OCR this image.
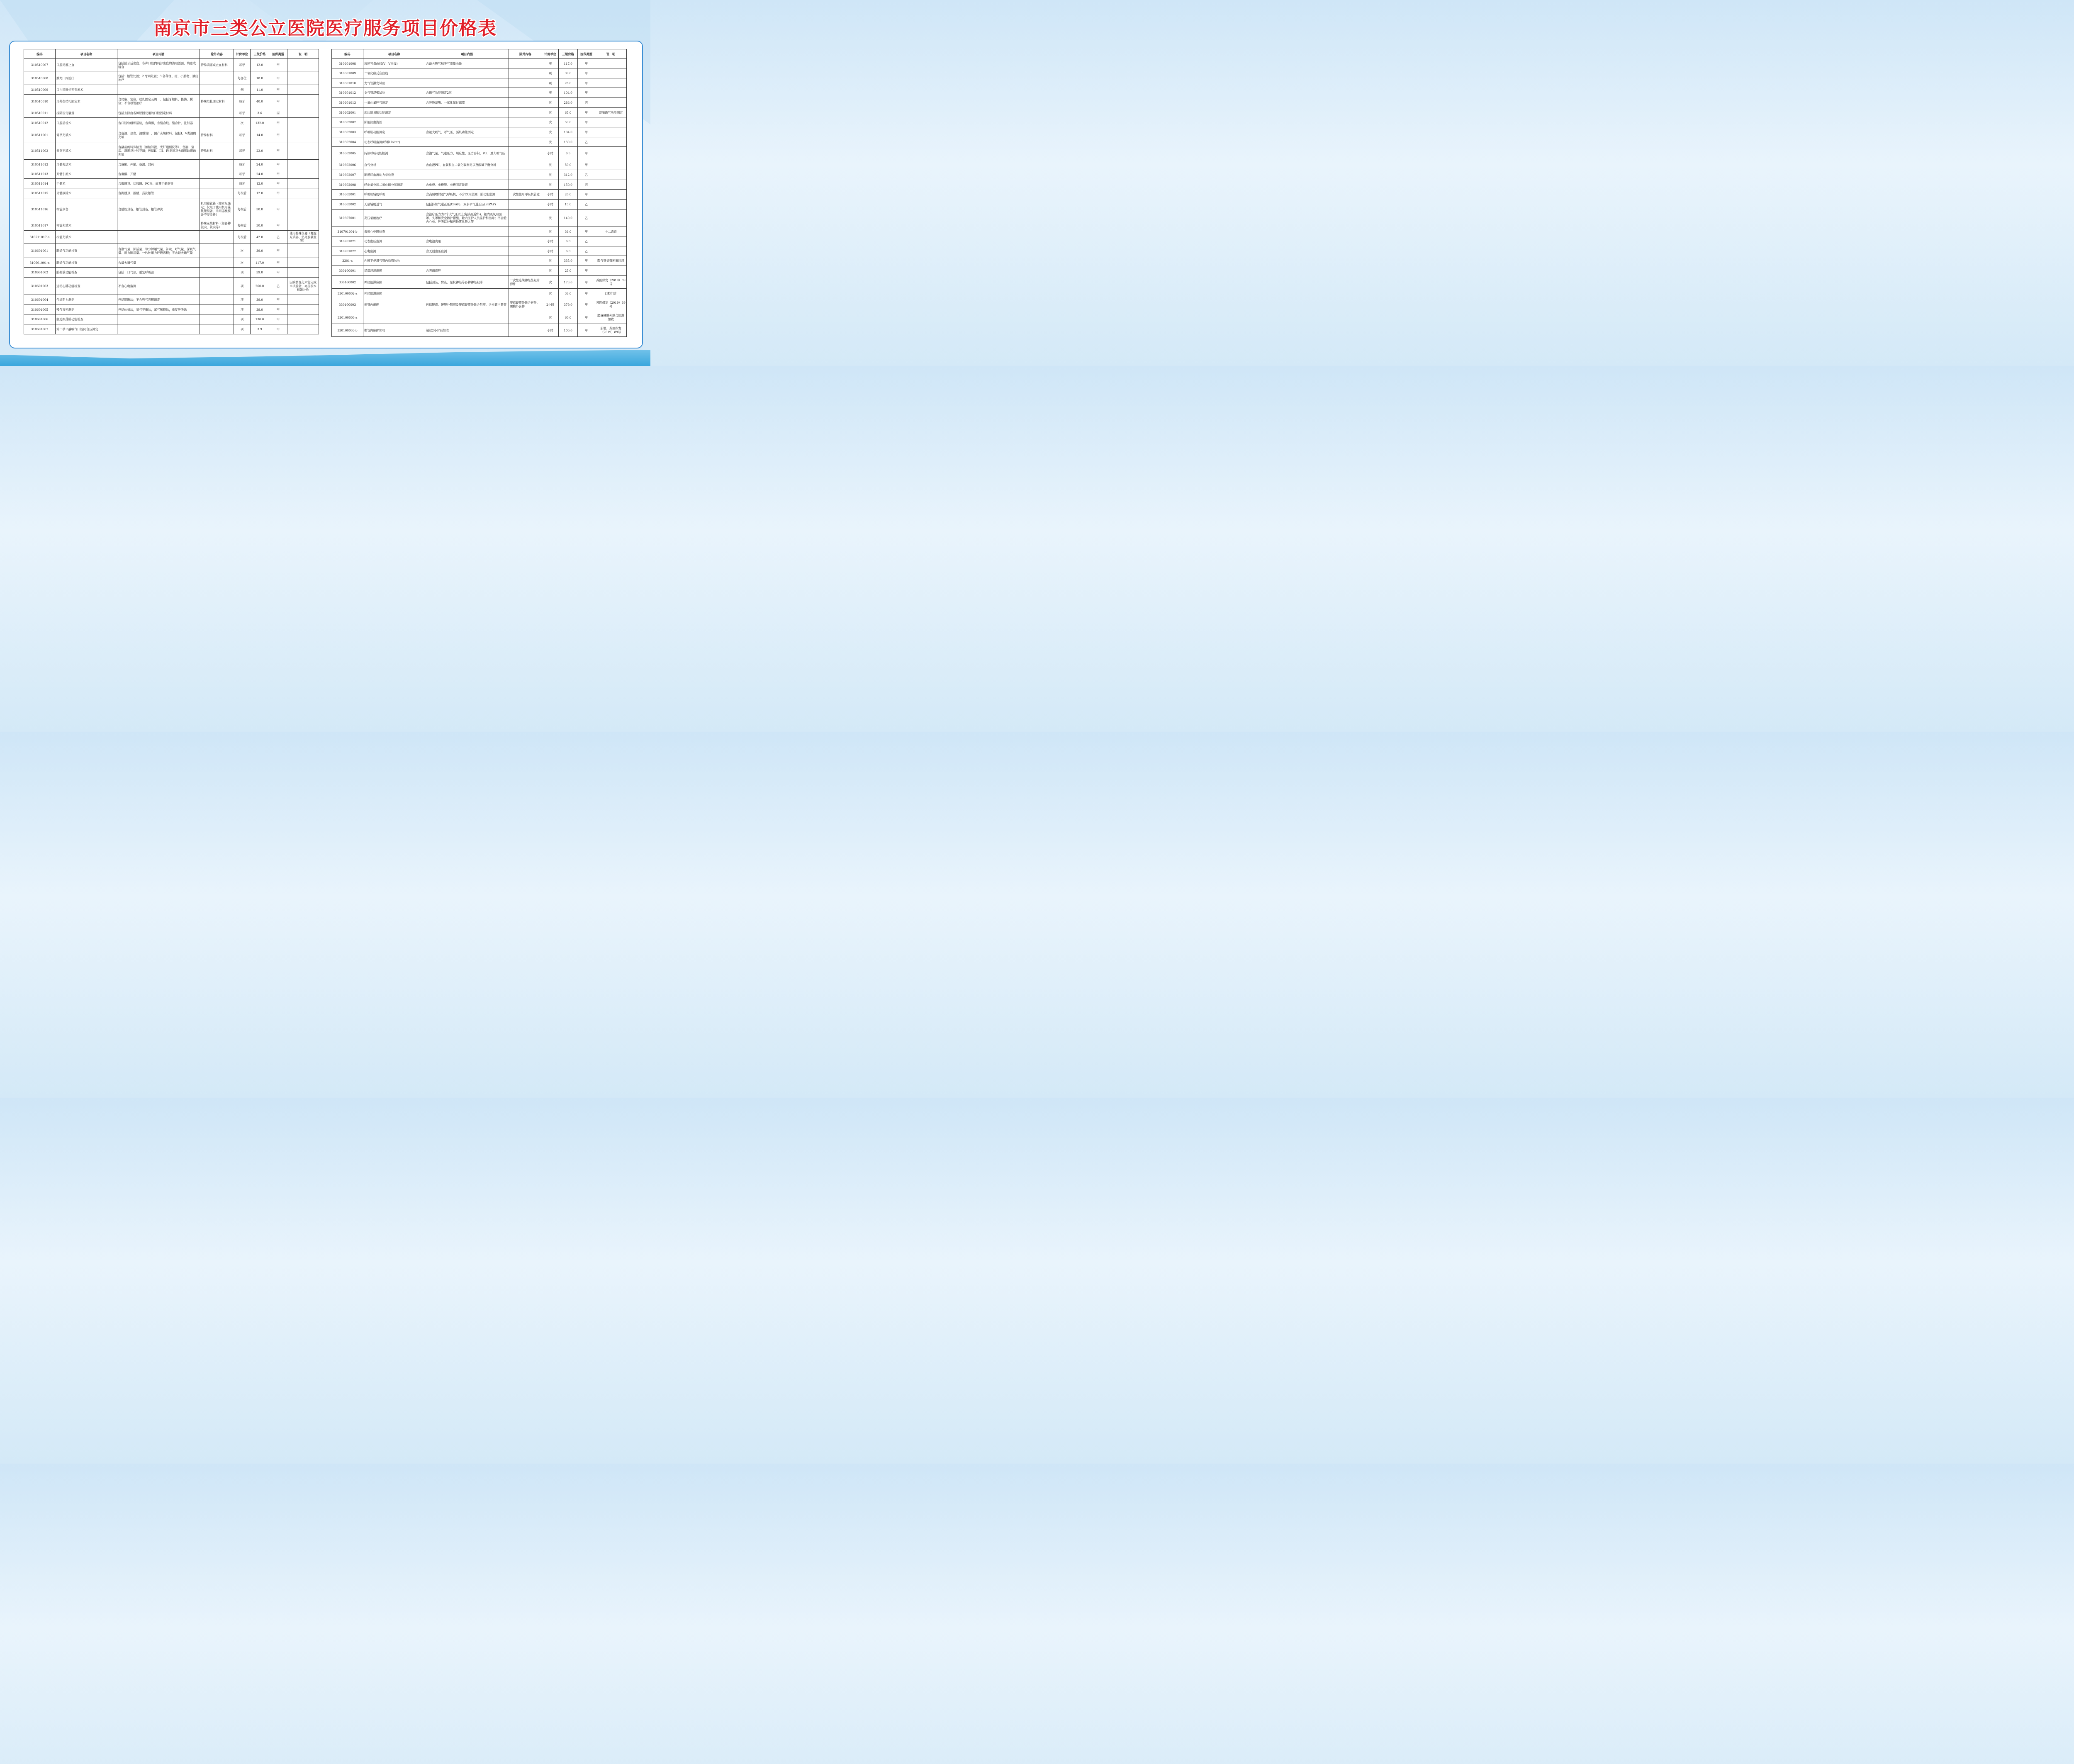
南京市三类公立医院医疗服务项目价格表
编码	项目名称	项目内涵	除外内容	计价单位	三级价格	医保类型	说　明
310510007	口腔局部止血	包括拔牙后出血、各种口腔内局部出血的清理创面、填塞或缝合	特殊填塞或止血材料	每牙	12.0	甲	
310510008	激光口内治疗	包括1.根管处置；2.牙周处置；3.各种斑、痣、小肿物、溃疡治疗		每部位	18.0	甲	
310510009	口内脓肿切开引流术			例	11.0	甲	
310510010	牙外伤结扎固定术	含局麻、复位、结扎固定及调　；包括牙根折、挫伤、脱位；不含根管治疗	特殊结扎固定材料	每牙	40.0	甲	
310510011	拆除固定装置	包括去除由各种原因使用的口腔固定材料		每牙	3.6	丙	
310510012	口腔活检术	含口腔软组织活检，含麻醉，含缝合线、缝合针、注射器		次	132.0	甲	
310511001	简单充填术	含备洞、垫底、洞型设计、国产充填材料；包括I、V类洞的充填	特殊材料	每牙	14.0	甲	
310511002	复杂充填术	含龋齿的特殊检查（如检知液、光纤透照仪等）、备洞、垫底、洞形设计和充填；包括II、III、IV类洞及大面积缺损的充填	特殊材料	每牙	22.0	甲	
310511012	牙髓失活术	含麻醉、开髓、备洞、封药		每牙	24.0	甲	
310511013	开髓引流术	含麻醉、开髓		每牙	24.0	甲	
310511014	干髓术	含揭髓顶、切冠髓、FC浴、放置干髓剂等		每牙	12.0	甲	
310511015	牙髓摘除术	含揭髓顶、拔髓、荡洗根管		每根管	12.0	甲	
310511016	根管预备	含髓腔预备、根管预备、根管冲洗	机用镍钛锉（按实际确定；仅限于使用机用镍钛锉预备，手用器械预备不得收费）	每根管	30.0	甲	
310511017	根管充填术		特殊充填材料（如各种银尖、钛尖等）	每根管	30.0	甲	
310511017-a	根管充填术			每根管	42.0	乙	使用特殊仪器（螺旋充填器、热牙胶装置等）
310601001	肺通气功能检查	含潮气量、肺活量、每分钟通气量、补吸、呼气量、深吸气量、用力肺活量、一秒钟用力呼吸容积；不含最大通气量		次	39.0	甲	
310601001-a	肺通气功能检查	含最大通气量		次	117.0	甲	
310601002	肺弥散功能检查	包括一口气法，重复呼吸法		项	39.0	甲	
310601003	运动心肺功能检查	不含心电监测		项	260.0	乙	因病情变化未能完成本试验者，亦应按本标准计价
310601004	气道阻力测定	包括阻断法；不含残气容积测定		项	39.0	甲	
310601005	残气容积测定	包括体描法，氦气平衡法，氮气稀释法，重复呼吸法		项	39.0	甲	
310601006	强迫振荡肺功能检查			项	130.0	甲	
310601007	第一秒平静吸气口腔闭合压测定			项	3.9	甲	
编码	项目名称	项目内涵	除外内容	计价单位	三级价格	医保类型	说　明
310601008	流速容量曲线(V—V曲线)	含最大吸气和呼气流量曲线		项	117.0	甲	
310601009	二氧化碳反应曲线			项	39.0	甲	
310601010	支气管激发试验			项	78.0	甲	
310601012	支气管舒张试验	含通气功能测定2次		项	104.0	甲	
310601013	一氧化氮呼气测定	含呼吸滤嘴、一氧化氮过滤器		次	286.0	丙	
310602001	床边简易肺功能测定			次	65.0	甲	即肺通气功能测定
310602002	肺阻抗血流图			次	59.0	甲	
310602003	呼吸肌功能测定	含最大吸气、呼气压、膈肌功能测定		次	104.0	甲	
310602004	动态呼吸监测(呼吸Holter)			次	130.0	乙	
310602005	持续呼吸功能检测	含潮气量、气道压力、顺应性、压力容积、Pol、最大吸气压		小时	6.5	甲	
310602006	血气分析	含血液PH、血氧和血二氧化碳测定以及酸碱平衡分析		次	59.0	甲	
310602007	肺循环血流动力学检查			次	312.0	乙	
310602008	经皮氧分压二氧化碳分压测定	含电极、电极膜、电极固定装置		次	150.0	丙	
310603001	呼吸机辅助呼吸	含高频喷射通气呼吸机；不含CO2监测、肺功能监测	一次性使用呼吸机管道	小时	20.0	甲	
310603002	无创辅助通气	包括持续气道正压(CPAP)、双水平气道正压(BIPAP)		小时	15.0	乙	
310607001	高压氧舱治疗	含治疗压力为2个大气压以上(超高压除外)、舱内吸氧用面罩、头罩和安全防护措施、舱内医护人员监护和指导；不含舱内心电、呼吸监护和药物雾化吸入等		次	140.0	乙	
310701001-b	常规心电图检查			次	36.0	甲	十二通道
310701021	动态血压监测	含电池费用		小时	6.0	乙	
310701022	心电监测	含无创血压监测		小时	6.0	乙	
3301-a	内镜下使用气管内插管加收			次	335.0	甲	限气管插管困难时用
330100001	局部浸润麻醉	含表面麻醉		次	25.0	甲	
330100002	神经阻滞麻醉	包括颈丛、臂丛、星状神经等各种神经阻滞	一次性连续神经丛阻滞套件	次	173.0	甲	苏医保发（2019）89号
330100002-a	神经阻滞麻醉			次	36.0	甲	口腔门诊
330100003	椎管内麻醉	包括腰麻、硬膜外阻滞及腰麻硬膜外联合阻滞。含椎管内置管	腰麻硬膜外联合套件、硬膜外套件	2小时	379.0	甲	苏医保发（2019）89号
330100003-a				次	60.0	甲	腰麻硬膜外联合阻滞加收
330100003-b	椎管内麻醉加收	超过2小时后加收		小时	100.0	甲	新增。苏医保发（2019）89号
